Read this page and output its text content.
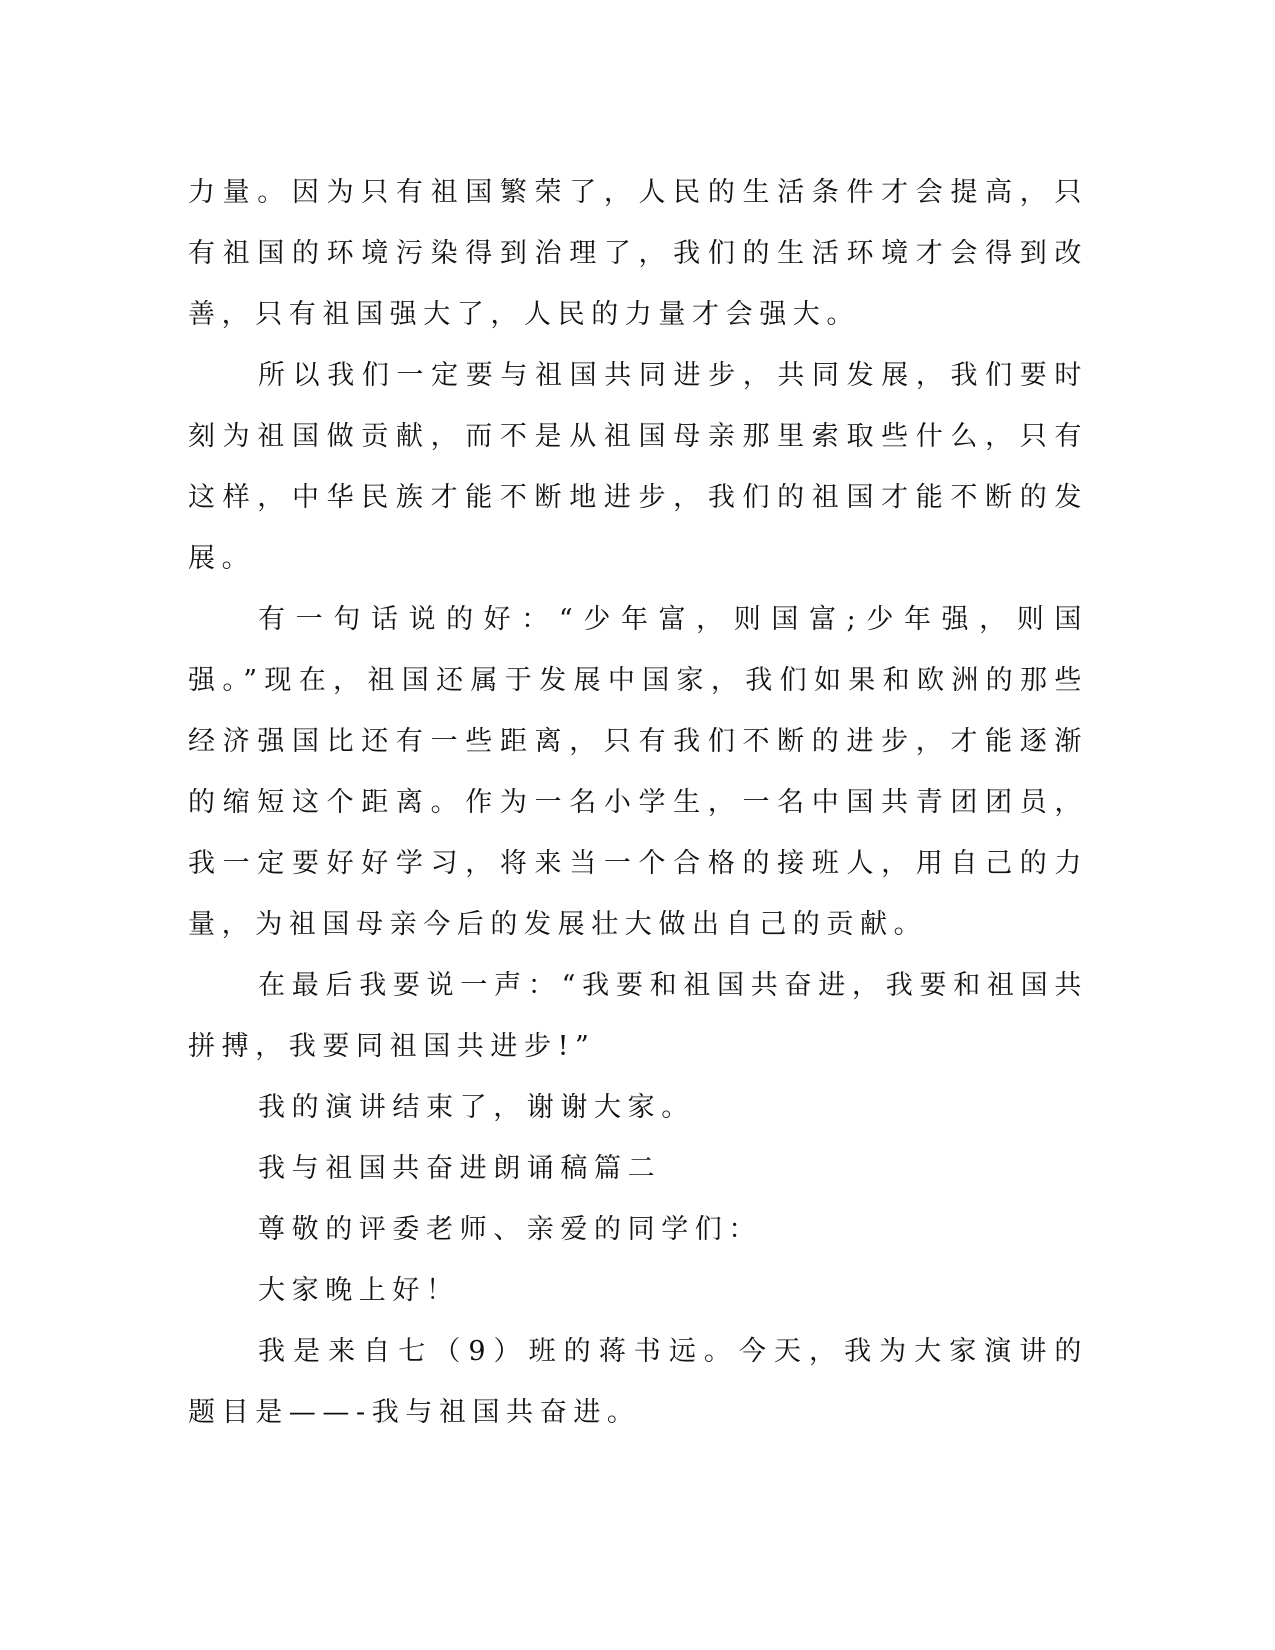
力量。因为只有祖国繁荣了，人民的生活条件才会提高，只有祖国的环境污染得到治理了，我们的生活环境才会得到改善，只有祖国强大了，人民的力量才会强大。

所以我们一定要与祖国共同进步，共同发展，我们要时刻为祖国做贡献，而不是从祖国母亲那里索取些什么，只有这样，中华民族才能不断地进步，我们的祖国才能不断的发展。

有一句话说的好：“少年富，则国富;少年强，则国强。”现在，祖国还属于发展中国家，我们如果和欧洲的那些经济强国比还有一些距离，只有我们不断的进步，才能逐渐的缩短这个距离。作为一名小学生，一名中国共青团团员，我一定要好好学习，将来当一个合格的接班人，用自己的力量，为祖国母亲今后的发展壮大做出自己的贡献。

在最后我要说一声：“我要和祖国共奋进，我要和祖国共拼搏，我要同祖国共进步!”

我的演讲结束了，谢谢大家。

我与祖国共奋进朗诵稿篇二

尊敬的评委老师、亲爱的同学们：

大家晚上好！

我是来自七（9）班的蒋书远。今天，我为大家演讲的题目是——-我与祖国共奋进。
